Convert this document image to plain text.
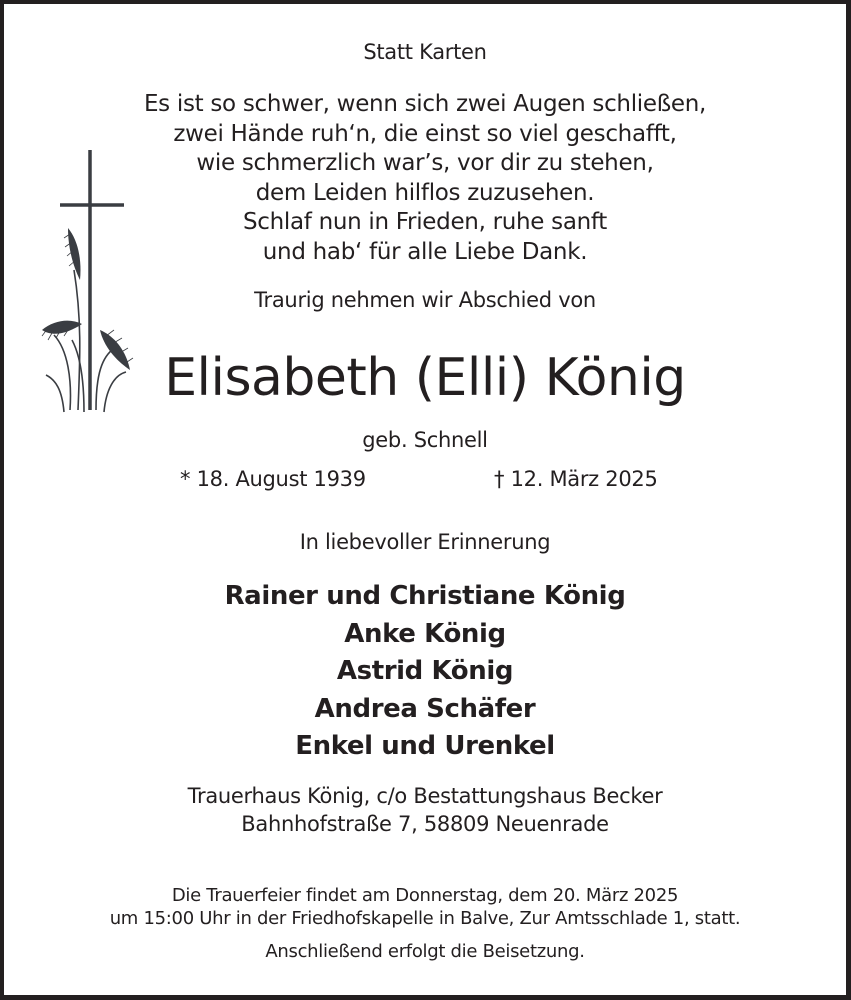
Statt Karten
Es ist so schwer, wenn sich zwei Augen schließen,
zwei Hände ruh‘n, die einst so viel geschafft,
wie schmerzlich war’s, vor dir zu stehen,
dem Leiden hilflos zuzusehen.
Schlaf nun in Frieden, ruhe sanft
und hab‘ für alle Liebe Dank.
Traurig nehmen wir Abschied von
Elisabeth (Elli) König
geb. Schnell
* 18. August 1939	† 12. März 2025
In liebevoller Erinnerung
Rainer und Christiane König
Anke König
Astrid König
Andrea Schäfer
Enkel und Urenkel
Trauerhaus König, c/o Bestattungshaus Becker
Bahnhofstraße 7, 58809 Neuenrade
Die Trauerfeier findet am Donnerstag, dem 20. März 2025
um 15:00 Uhr in der Friedhofskapelle in Balve, Zur Amtsschlade 1, statt.
Anschließend erfolgt die Beisetzung.
